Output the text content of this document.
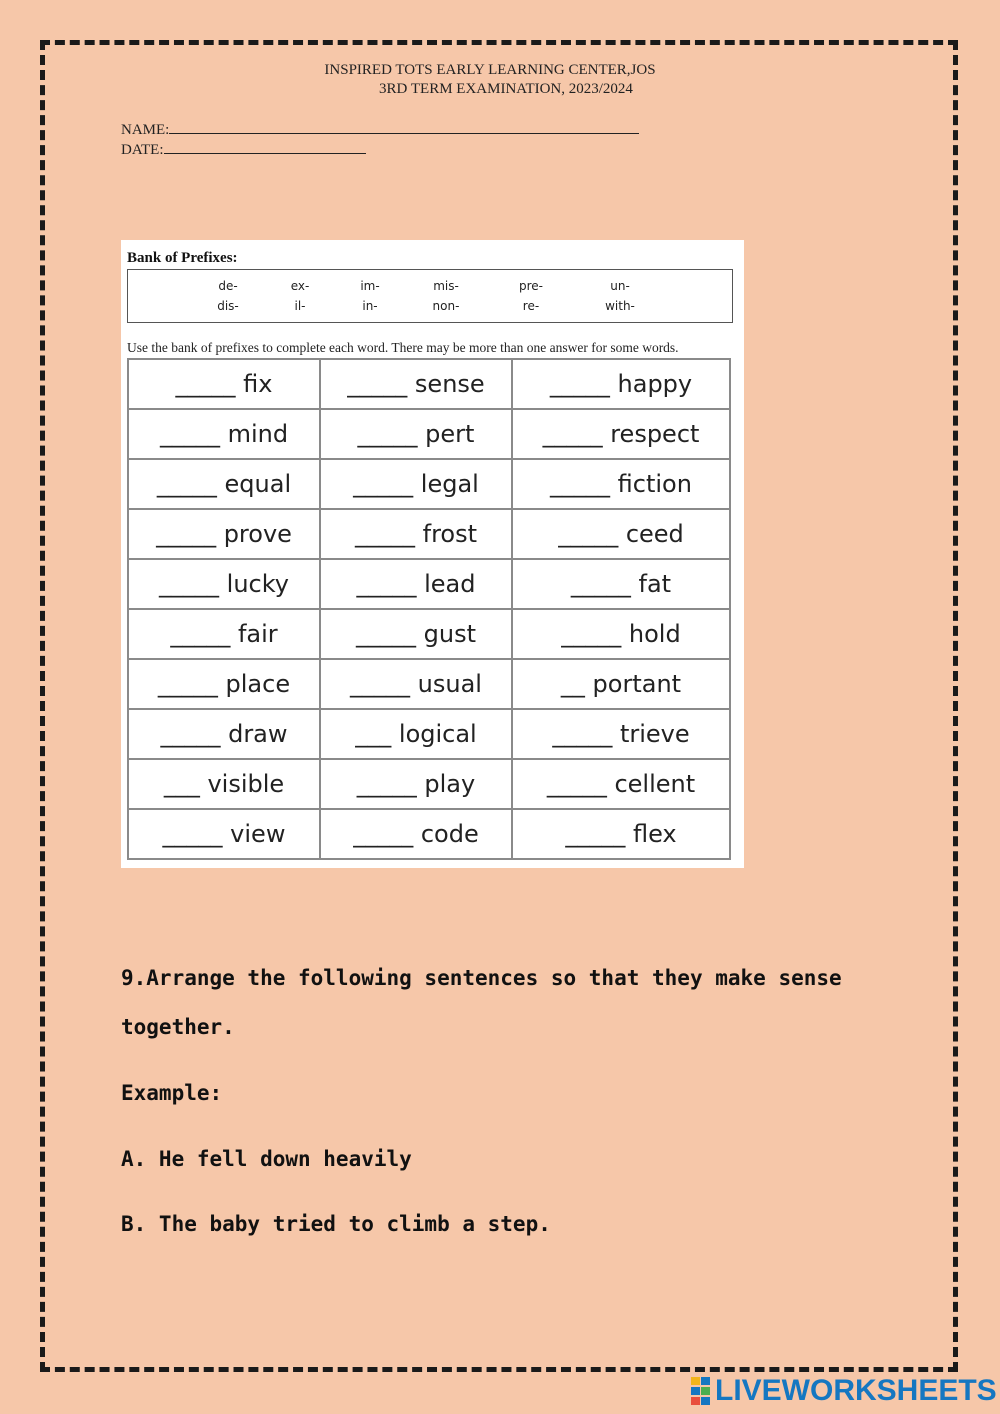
INSPIRED TOTS EARLY LEARNING CENTER,JOS
3RD TERM EXAMINATION, 2023/2024
NAME:
DATE:
Bank of Prefixes:
de-	ex-	im-	mis-	pre-	un-
dis-	il-	in-	non-	re-	with-
Use the bank of prefixes to complete each word. There may be more than one answer for some words.
_____ fix	_____ sense	_____ happy
_____ mind	_____ pert	_____ respect
_____ equal	_____ legal	_____ fiction
_____ prove	_____ frost	_____ ceed
_____ lucky	_____ lead	_____ fat
_____ fair	_____ gust	_____ hold
_____ place	_____ usual	__ portant
_____ draw	___ logical	_____ trieve
___ visible	_____ play	_____ cellent
_____ view	_____ code	_____ flex
9.Arrange the following sentences so that they make sense
together.
Example:
A. He fell down heavily
B. The baby tried to climb a step.
LIVEWORKSHEETS
